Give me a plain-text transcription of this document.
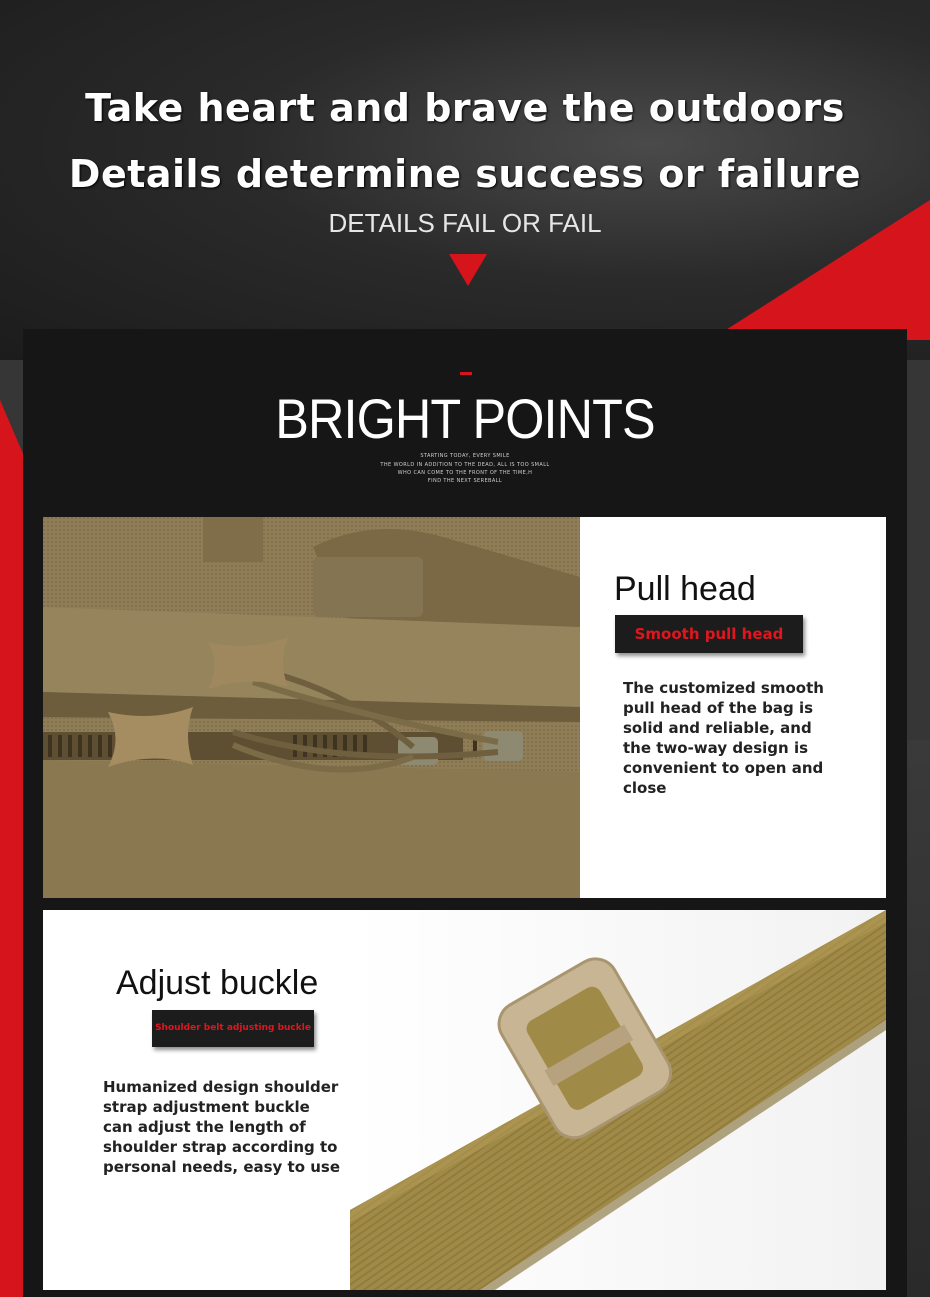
Take heart and brave the outdoors
Details determine success or failure
DETAILS FAIL OR FAIL
BRIGHT POINTS
STARTING TODAY, EVERY SMILE
THE WORLD IN ADDITION TO THE DEAD, ALL IS TOO SMALL
WHO CAN COME TO THE FRONT OF THE TIME,H
FIND THE NEXT SEREBALL
Pull head
Smooth pull head
The customized smooth
pull head of the bag is
solid and reliable, and
the two-way design is
convenient to open and
close
Adjust buckle
Shoulder belt adjusting buckle
Humanized design shoulder
strap adjustment buckle
can adjust the length of
shoulder strap according to
personal needs, easy to use
